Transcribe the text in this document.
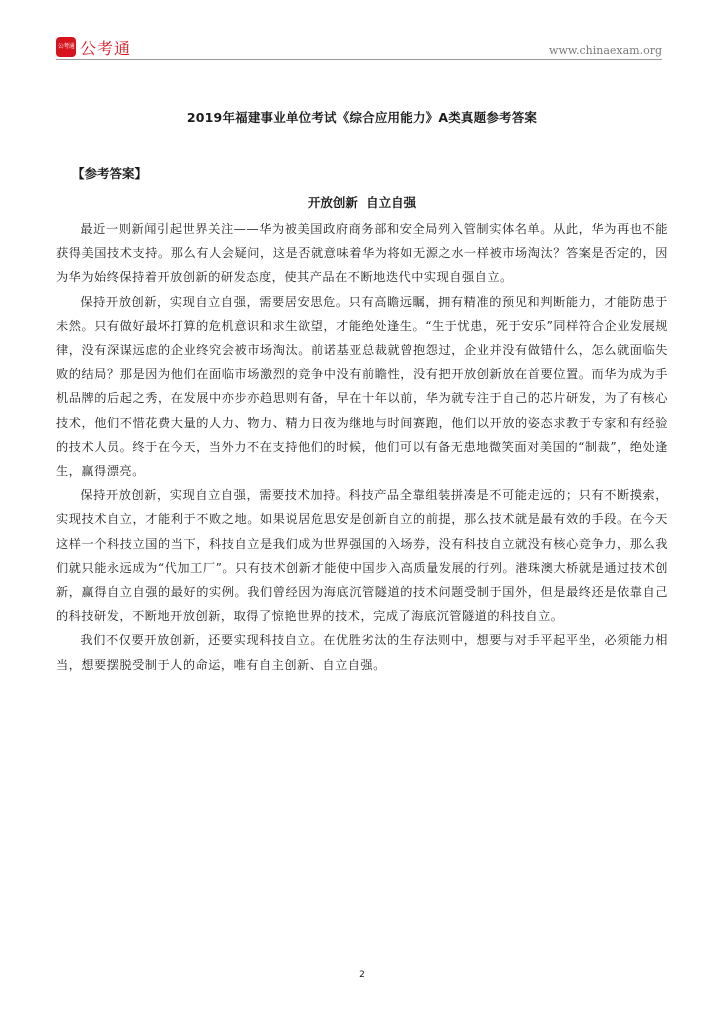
公考通 公考通	www.chinaexam.org
2019年福建事业单位考试《综合应用能力》A类真题参考答案
【参考答案】
开放创新 自立自强

最近一则新闻引起世界关注——华为被美国政府商务部和安全局列入管制实体名单。从此，华为再也不能获得美国技术支持。那么有人会疑问，这是否就意味着华为将如无源之水一样被市场淘汰？答案是否定的，因为华为始终保持着开放创新的研发态度，使其产品在不断地迭代中实现自强自立。

保持开放创新，实现自立自强，需要居安思危。只有高瞻远瞩，拥有精准的预见和判断能力，才能防患于未然。只有做好最坏打算的危机意识和求生欲望，才能绝处逢生。“生于忧患，死于安乐”同样符合企业发展规律，没有深谋远虑的企业终究会被市场淘汰。前诺基亚总裁就曾抱怨过，企业并没有做错什么，怎么就面临失败的结局？那是因为他们在面临市场激烈的竞争中没有前瞻性，没有把开放创新放在首要位置。而华为成为手机品牌的后起之秀，在发展中亦步亦趋思则有备，早在十年以前，华为就专注于自己的芯片研发，为了有核心技术，他们不惜花费大量的人力、物力、精力日夜为继地与时间赛跑，他们以开放的姿态求教于专家和有经验的技术人员。终于在今天，当外力不在支持他们的时候，他们可以有备无患地微笑面对美国的“制裁”，绝处逢生，赢得漂亮。

保持开放创新，实现自立自强，需要技术加持。科技产品全靠组装拼凑是不可能走远的；只有不断摸索，实现技术自立，才能利于不败之地。如果说居危思安是创新自立的前提，那么技术就是最有效的手段。在今天这样一个科技立国的当下，科技自立是我们成为世界强国的入场券，没有科技自立就没有核心竞争力，那么我们就只能永远成为“代加工厂”。只有技术创新才能使中国步入高质量发展的行列。港珠澳大桥就是通过技术创新，赢得自立自强的最好的实例。我们曾经因为海底沉管隧道的技术问题受制于国外，但是最终还是依靠自己的科技研发，不断地开放创新，取得了惊艳世界的技术，完成了海底沉管隧道的科技自立。

我们不仅要开放创新，还要实现科技自立。在优胜劣汰的生存法则中，想要与对手平起平坐，必须能力相当，想要摆脱受制于人的命运，唯有自主创新、自立自强。

2
